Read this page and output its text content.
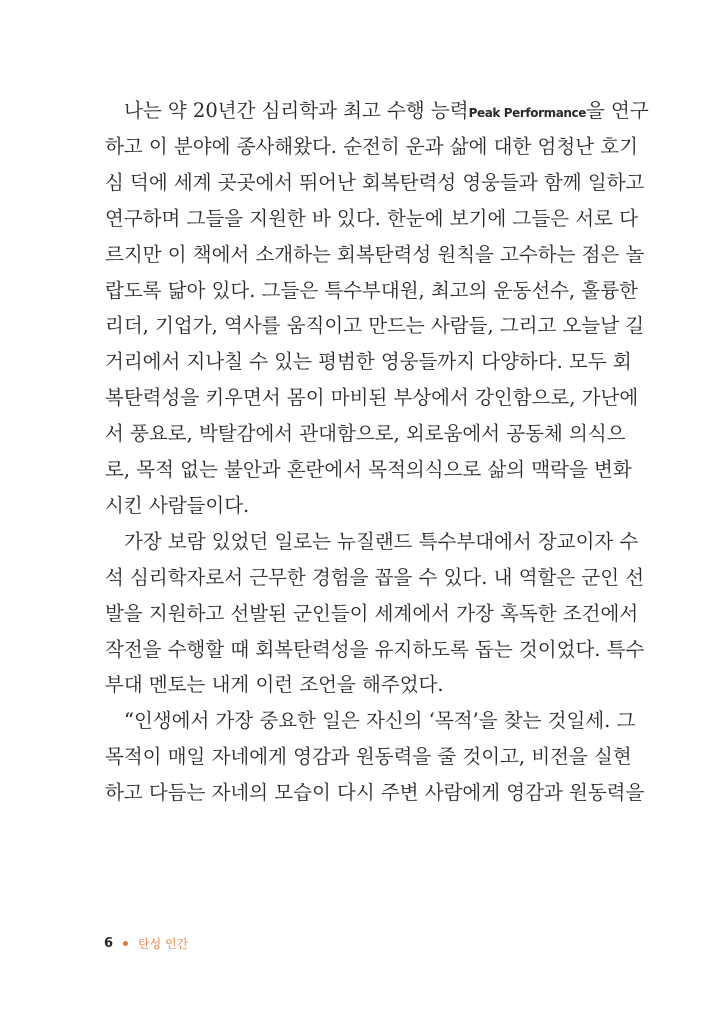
나는 약 20년간 심리학과 최고 수행 능력Peak Performance을 연구
하고 이 분야에 종사해왔다. 순전히 운과 삶에 대한 엄청난 호기
심 덕에 세계 곳곳에서 뛰어난 회복탄력성 영웅들과 함께 일하고
연구하며 그들을 지원한 바 있다. 한눈에 보기에 그들은 서로 다
르지만 이 책에서 소개하는 회복탄력성 원칙을 고수하는 점은 놀
랍도록 닮아 있다. 그들은 특수부대원, 최고의 운동선수, 훌륭한
리더, 기업가, 역사를 움직이고 만드는 사람들, 그리고 오늘날 길
거리에서 지나칠 수 있는 평범한 영웅들까지 다양하다. 모두 회
복탄력성을 키우면서 몸이 마비된 부상에서 강인함으로, 가난에
서 풍요로, 박탈감에서 관대함으로, 외로움에서 공동체 의식으
로, 목적 없는 불안과 혼란에서 목적의식으로 삶의 맥락을 변화
시킨 사람들이다.
가장 보람 있었던 일로는 뉴질랜드 특수부대에서 장교이자 수
석 심리학자로서 근무한 경험을 꼽을 수 있다. 내 역할은 군인 선
발을 지원하고 선발된 군인들이 세계에서 가장 혹독한 조건에서
작전을 수행할 때 회복탄력성을 유지하도록 돕는 것이었다. 특수
부대 멘토는 내게 이런 조언을 해주었다.
“인생에서 가장 중요한 일은 자신의 ‘목적’을 찾는 것일세. 그
목적이 매일 자네에게 영감과 원동력을 줄 것이고, 비전을 실현
하고 다듬는 자네의 모습이 다시 주변 사람에게 영감과 원동력을
6 탄성 인간
